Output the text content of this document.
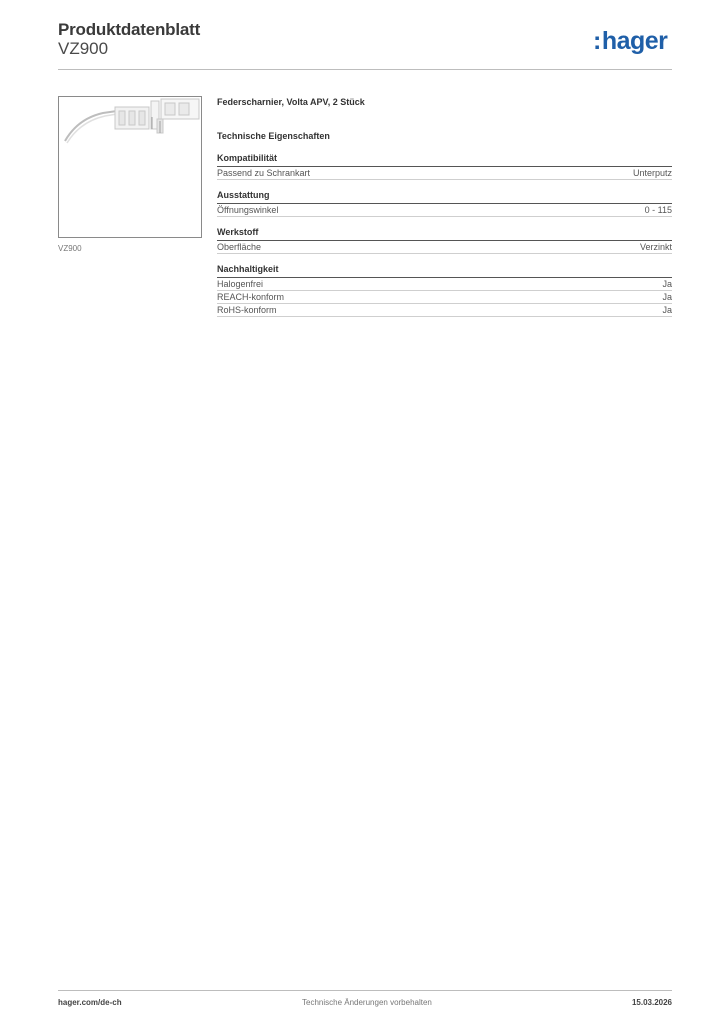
Produktdatenblatt
VZ900	:hager
VZ900
Federscharnier, Volta APV, 2 Stück
Technische Eigenschaften
Kompatibilität
Passend zu Schrankart	Unterputz
Ausstattung
Öffnungswinkel	0 - 115
Werkstoff
Oberfläche	Verzinkt
Nachhaltigkeit
Halogenfrei	Ja
REACH-konform	Ja
RoHS-konform	Ja
hager.com/de-ch	Technische Änderungen vorbehalten	15.03.2026
